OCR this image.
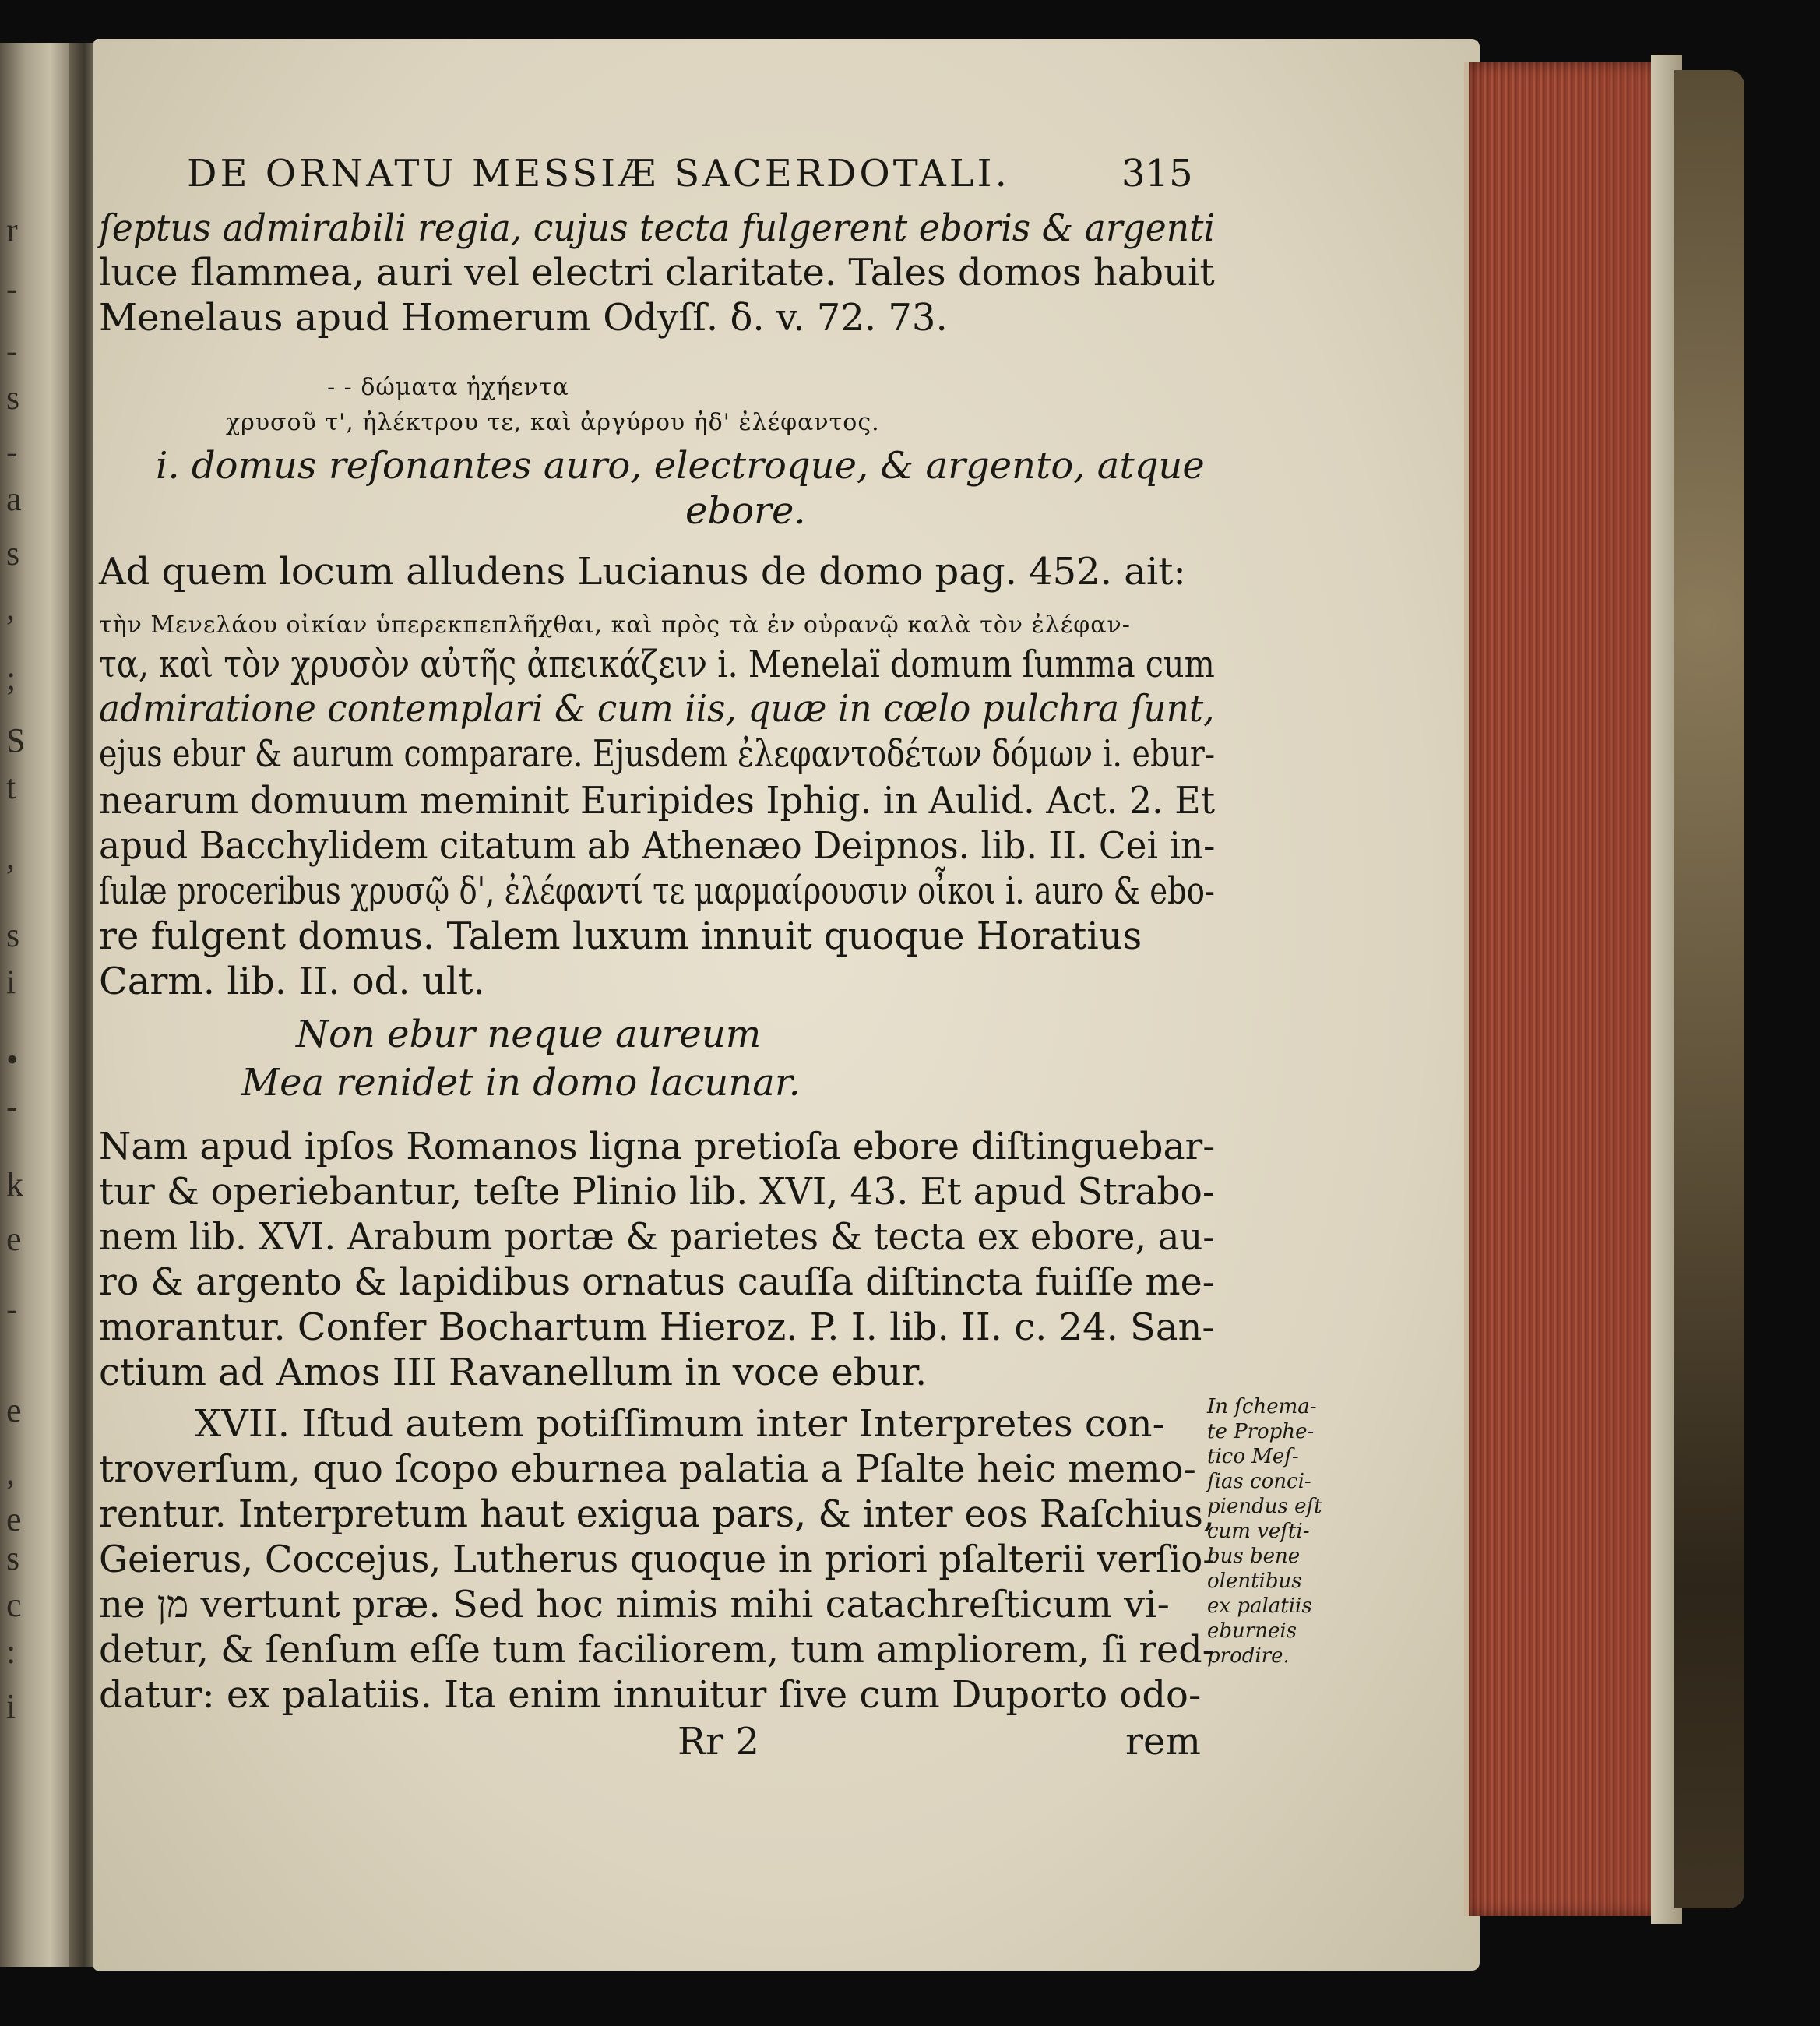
r
-
-
s
-
a
s
,
;
S
t
,
s
i
•
-
k
e
-
e
,
e
s
c
:
i
DE ORNATU MESSIÆ SACERDOTALI.	315
ſeptus admirabili regia, cujus tecta fulgerent eboris & argenti
luce flammea, auri vel electri claritate. Tales domos habuit
Menelaus apud Homerum Odyſſ. δ. v. 72. 73.
- - δώματα ἠχήεντα
χρυσοῦ τ', ἠλέκτρου τε, καὶ ἀργύρου ἠδ' ἐλέφαντος.
i. domus reſonantes auro, electroque, & argento, atque
ebore.
Ad quem locum alludens Lucianus de domo pag. 452. ait:
τὴν Μενελάου οἰκίαν ὑπερεκπεπλῆχθαι, καὶ πρὸς τὰ ἐν οὐρανῷ καλὰ τὸν ἐλέφαν-
τα, καὶ τὸν χρυσὸν αὐτῆς ἀπεικάζειν i. Menelaï domum ſumma cum
admiratione contemplari & cum iis, quæ in cœlo pulchra ſunt,
ejus ebur & aurum comparare. Ejusdem ἐλεφαντοδέτων δόμων i. ebur-
nearum domuum meminit Euripides Iphig. in Aulid. Act. 2. Et
apud Bacchylidem citatum ab Athenæo Deipnos. lib. II. Cei in-
ſulæ proceribus χρυσῷ δ', ἐλέφαντί τε μαρμαίρουσιν οἶκοι i. auro & ebo-
re fulgent domus. Talem luxum innuit quoque Horatius
Carm. lib. II. od. ult.
Non ebur neque aureum
Mea renidet in domo lacunar.
Nam apud ipſos Romanos ligna pretioſa ebore diſtinguebar-
tur & operiebantur, teſte Plinio lib. XVI, 43. Et apud Strabo-
nem lib. XVI. Arabum portæ & parietes & tecta ex ebore, au-
ro & argento & lapidibus ornatus cauſſa diſtincta fuiſſe me-
morantur. Confer Bochartum Hieroz. P. I. lib. II. c. 24. San-
ctium ad Amos III Ravanellum in voce ebur.
XVII. Iſtud autem potiſſimum inter Interpretes con-
troverſum, quo ſcopo eburnea palatia a Pſalte heic memo-
rentur. Interpretum haut exigua pars, & inter eos Raſchius,
Geierus, Coccejus, Lutherus quoque in priori pſalterii verſio-
ne מן vertunt præ. Sed hoc nimis mihi catachreſticum vi-
detur, & ſenſum eſſe tum faciliorem, tum ampliorem, ſi red-
datur: ex palatiis. Ita enim innuitur ſive cum Duporto odo-
Rr 2	rem
In ſchema-
te Prophe-
tico Meſ-
ſias conci-
piendus eſt
cum veſti-
bus bene
olentibus
ex palatiis
eburneis
prodire.
